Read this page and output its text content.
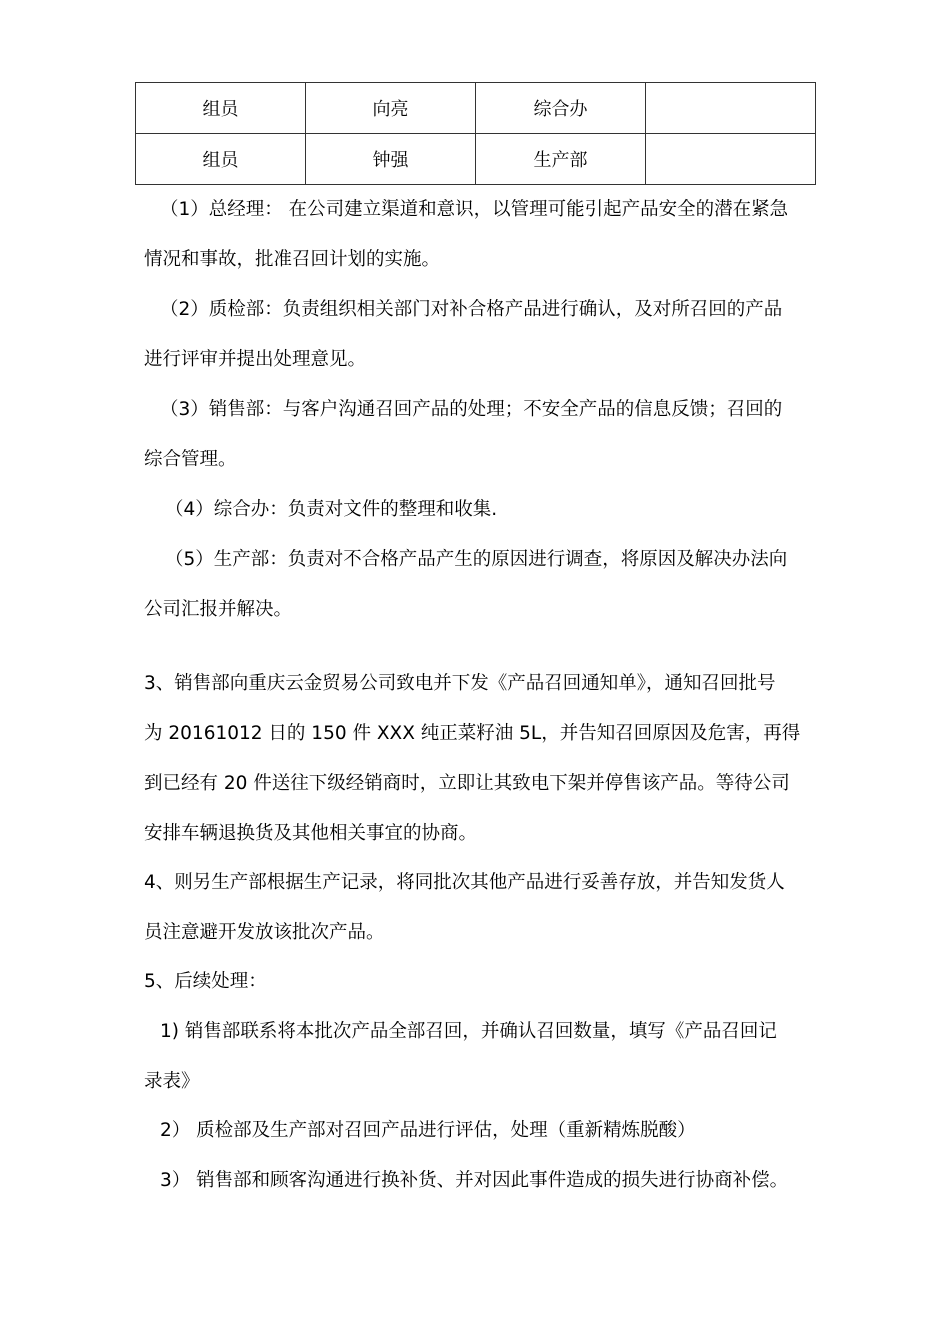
组员	向亮	综合办	
组员	钟强	生产部	
（1）总经理： 在公司建立渠道和意识，以管理可能引起产品安全的潜在紧急
情况和事故，批准召回计划的实施。
（2）质检部：负责组织相关部门对补合格产品进行确认，及对所召回的产品
进行评审并提出处理意见。
（3）销售部：与客户沟通召回产品的处理；不安全产品的信息反馈；召回的
综合管理。
（4）综合办：负责对文件的整理和收集.
（5）生产部：负责对不合格产品产生的原因进行调查，将原因及解决办法向
公司汇报并解决。
3、销售部向重庆云金贸易公司致电并下发《产品召回通知单》，通知召回批号
为 20161012 日的 150 件 XXX 纯正菜籽油 5L，并告知召回原因及危害，再得
到已经有 20 件送往下级经销商时，立即让其致电下架并停售该产品。等待公司
安排车辆退换货及其他相关事宜的协商。
4、则另生产部根据生产记录，将同批次其他产品进行妥善存放，并告知发货人
员注意避开发放该批次产品。
5、后续处理：
1) 销售部联系将本批次产品全部召回，并确认召回数量，填写《产品召回记
录表》
2） 质检部及生产部对召回产品进行评估，处理（重新精炼脱酸）
3） 销售部和顾客沟通进行换补货、并对因此事件造成的损失进行协商补偿。
